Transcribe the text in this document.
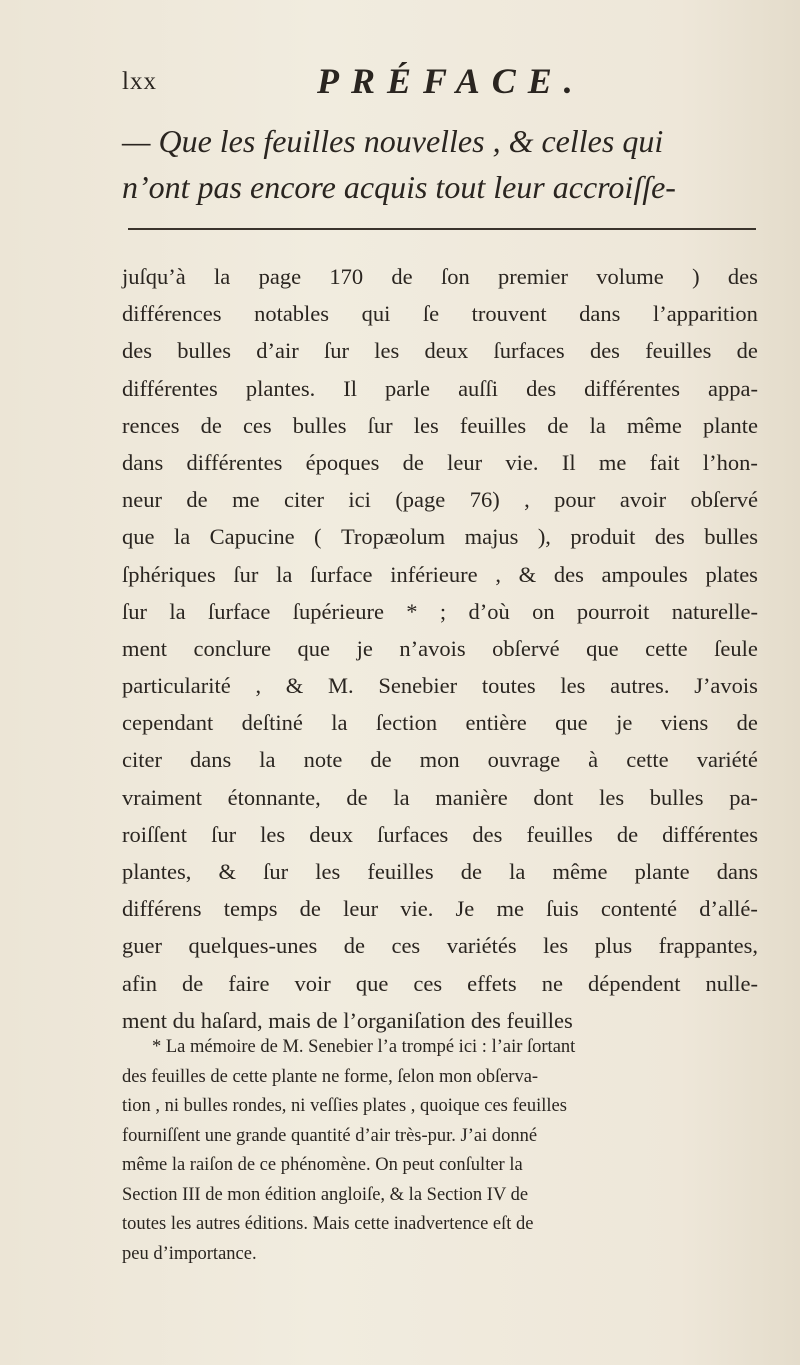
lxx	PRÉFACE.
— Que les feuilles nouvelles , & celles qui
n’ont pas encore acquis tout leur accroiſſe-
juſqu’à la page 170 de ſon premier volume ) des
différences notables qui ſe trouvent dans l’apparition
des bulles d’air ſur les deux ſurfaces des feuilles de
différentes plantes. Il parle auſſi des différentes appa-
rences de ces bulles ſur les feuilles de la même plante
dans différentes époques de leur vie. Il me fait l’hon-
neur de me citer ici (page 76) , pour avoir obſervé
que la Capucine ( Tropæolum majus ), produit des bulles
ſphériques ſur la ſurface inférieure , & des ampoules plates
ſur la ſurface ſupérieure * ; d’où on pourroit naturelle-
ment conclure que je n’avois obſervé que cette ſeule
particularité , & M. Senebier toutes les autres. J’avois
cependant deſtiné la ſection entière que je viens de
citer dans la note de mon ouvrage à cette variété
vraiment étonnante, de la manière dont les bulles pa-
roiſſent ſur les deux ſurfaces des feuilles de différentes
plantes, & ſur les feuilles de la même plante dans
différens temps de leur vie. Je me ſuis contenté d’allé-
guer quelques-unes de ces variétés les plus frappantes,
afin de faire voir que ces effets ne dépendent nulle-
ment du haſard, mais de l’organiſation des feuilles
* La mémoire de M. Senebier l’a trompé ici : l’air ſortant
des feuilles de cette plante ne forme, ſelon mon obſerva-
tion , ni bulles rondes, ni veſſies plates , quoique ces feuilles
fourniſſent une grande quantité d’air très-pur. J’ai donné
même la raiſon de ce phénomène. On peut conſulter la
Section III de mon édition angloiſe, & la Section IV de
toutes les autres éditions. Mais cette inadvertence eſt de
peu d’importance.
